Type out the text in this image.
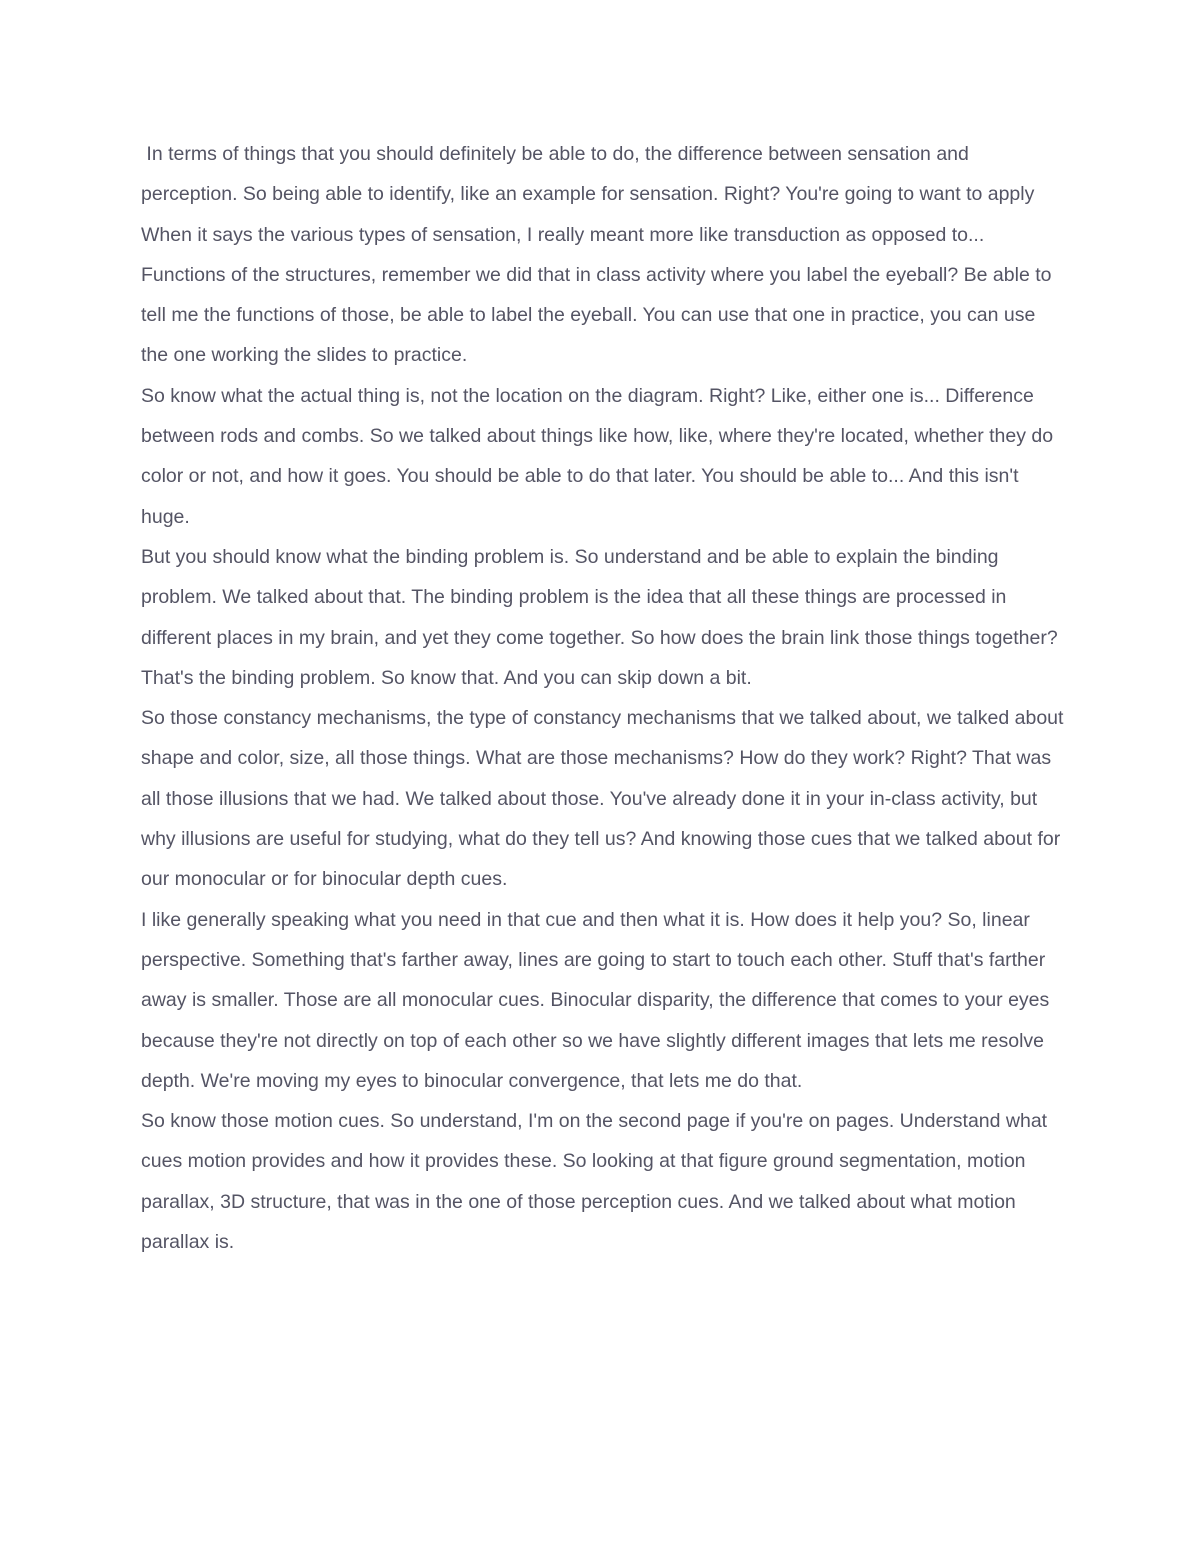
In terms of things that you should definitely be able to do, the difference between sensation and perception. So being able to identify, like an example for sensation. Right? You're going to want to apply

When it says the various types of sensation, I really meant more like transduction as opposed to... Functions of the structures, remember we did that in class activity where you label the eyeball? Be able to tell me the functions of those, be able to label the eyeball. You can use that one in practice, you can use the one working the slides to practice.

So know what the actual thing is, not the location on the diagram. Right? Like, either one is... Difference between rods and combs. So we talked about things like how, like, where they're located, whether they do color or not, and how it goes. You should be able to do that later. You should be able to... And this isn't huge.

But you should know what the binding problem is. So understand and be able to explain the binding problem. We talked about that. The binding problem is the idea that all these things are processed in different places in my brain, and yet they come together. So how does the brain link those things together? That's the binding problem. So know that. And you can skip down a bit.

So those constancy mechanisms, the type of constancy mechanisms that we talked about, we talked about shape and color, size, all those things. What are those mechanisms? How do they work? Right? That was all those illusions that we had. We talked about those. You've already done it in your in-class activity, but why illusions are useful for studying, what do they tell us? And knowing those cues that we talked about for our monocular or for binocular depth cues.

I like generally speaking what you need in that cue and then what it is. How does it help you? So, linear perspective. Something that's farther away, lines are going to start to touch each other. Stuff that's farther away is smaller. Those are all monocular cues. Binocular disparity, the difference that comes to your eyes because they're not directly on top of each other so we have slightly different images that lets me resolve depth. We're moving my eyes to binocular convergence, that lets me do that.

So know those motion cues. So understand, I'm on the second page if you're on pages. Understand what cues motion provides and how it provides these. So looking at that figure ground segmentation, motion parallax, 3D structure, that was in the one of those perception cues. And we talked about what motion parallax is.
